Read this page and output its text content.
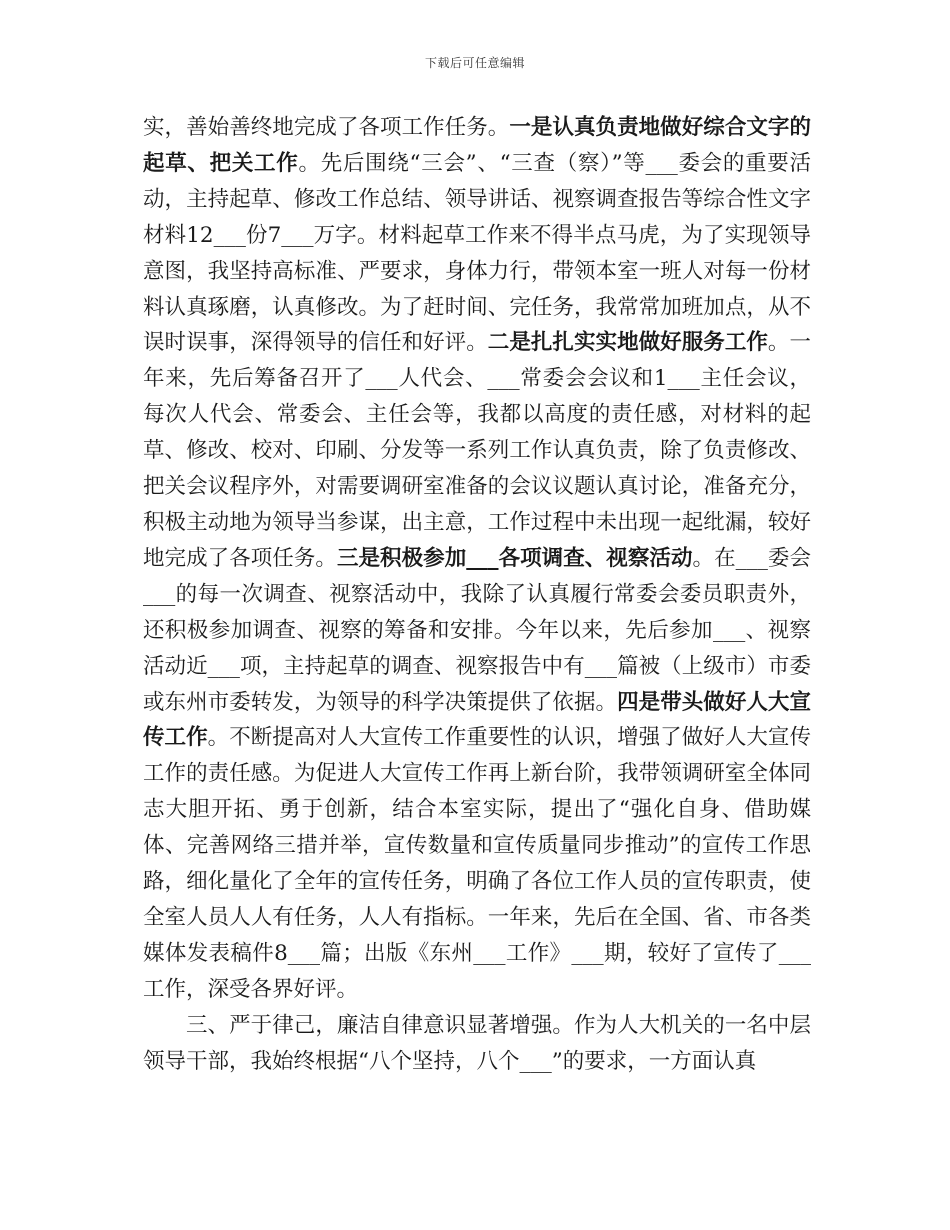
下载后可任意编辑

实，善始善终地完成了各项工作任务。一是认真负责地做好综合文字的起草、把关工作。先后围绕“三会”、“三查（察）”等___委会的重要活动，主持起草、修改工作总结、领导讲话、视察调查报告等综合性文字材料12___份7___万字。材料起草工作来不得半点马虎，为了实现领导意图，我坚持高标准、严要求，身体力行，带领本室一班人对每一份材料认真琢磨，认真修改。为了赶时间、完任务，我常常加班加点，从不误时误事，深得领导的信任和好评。二是扎扎实实地做好服务工作。一年来，先后筹备召开了___人代会、___常委会会议和1___主任会议，每次人代会、常委会、主任会等，我都以高度的责任感，对材料的起草、修改、校对、印刷、分发等一系列工作认真负责，除了负责修改、把关会议程序外，对需要调研室准备的会议议题认真讨论，准备充分，积极主动地为领导当参谋，出主意，工作过程中未出现一起纰漏，较好地完成了各项任务。三是积极参加___各项调查、视察活动。在___委会___的每一次调查、视察活动中，我除了认真履行常委会委员职责外，还积极参加调查、视察的筹备和安排。今年以来，先后参加___、视察活动近___项，主持起草的调查、视察报告中有___篇被（上级市）市委或东州市委转发，为领导的科学决策提供了依据。四是带头做好人大宣传工作。不断提高对人大宣传工作重要性的认识，增强了做好人大宣传工作的责任感。为促进人大宣传工作再上新台阶，我带领调研室全体同志大胆开拓、勇于创新，结合本室实际，提出了“强化自身、借助媒体、完善网络三措并举，宣传数量和宣传质量同步推动”的宣传工作思路，细化量化了全年的宣传任务，明确了各位工作人员的宣传职责，使全室人员人人有任务，人人有指标。一年来，先后在全国、省、市各类媒体发表稿件8___篇；出版《东州___工作》___期，较好了宣传了___工作，深受各界好评。

三、严于律己，廉洁自律意识显著增强。作为人大机关的一名中层领导干部，我始终根据“八个坚持，八个___”的要求，一方面认真
